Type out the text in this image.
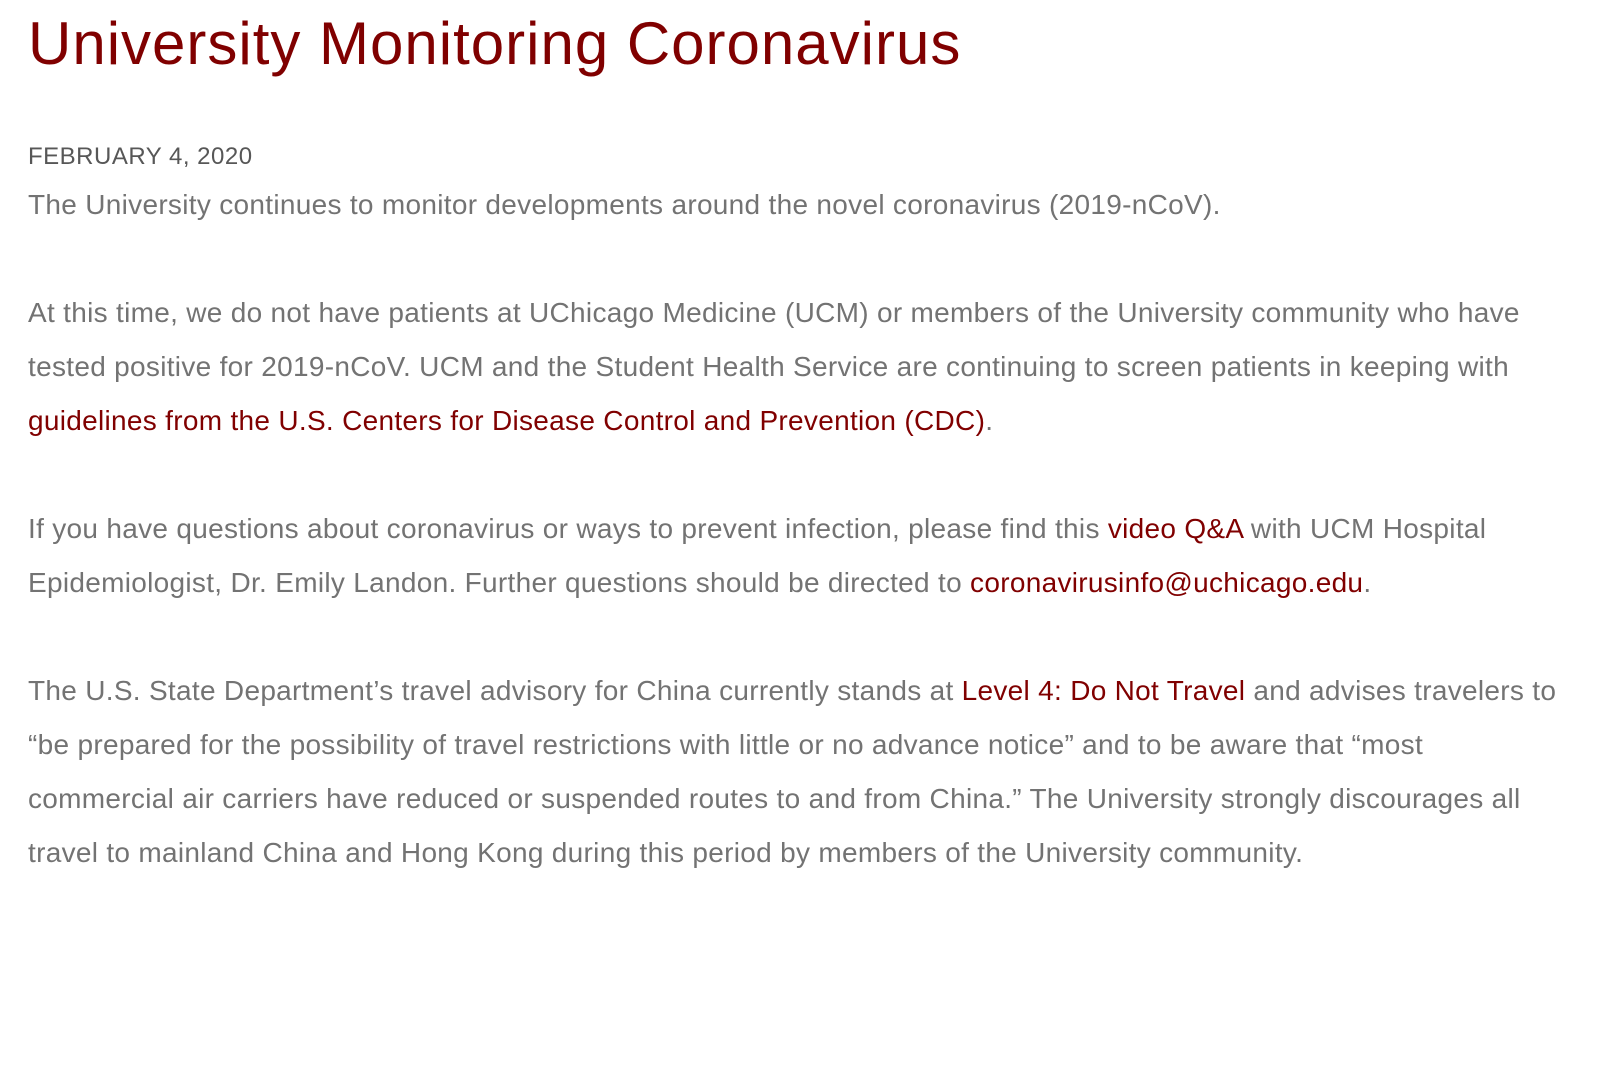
University Monitoring Coronavirus
FEBRUARY 4, 2020

The University continues to monitor developments around the novel coronavirus (2019-nCoV).

At this time, we do not have patients at UChicago Medicine (UCM) or members of the University community who have tested positive for 2019-nCoV. UCM and the Student Health Service are continuing to screen patients in keeping with guidelines from the U.S. Centers for Disease Control and Prevention (CDC).

If you have questions about coronavirus or ways to prevent infection, please find this video Q&A with UCM Hospital Epidemiologist, Dr. Emily Landon. Further questions should be directed to coronavirusinfo@uchicago.edu.

The U.S. State Department’s travel advisory for China currently stands at Level 4: Do Not Travel and advises travelers to “be prepared for the possibility of travel restrictions with little or no advance notice” and to be aware that “most commercial air carriers have reduced or suspended routes to and from China.” The University strongly discourages all travel to mainland China and Hong Kong during this period by members of the University community.
